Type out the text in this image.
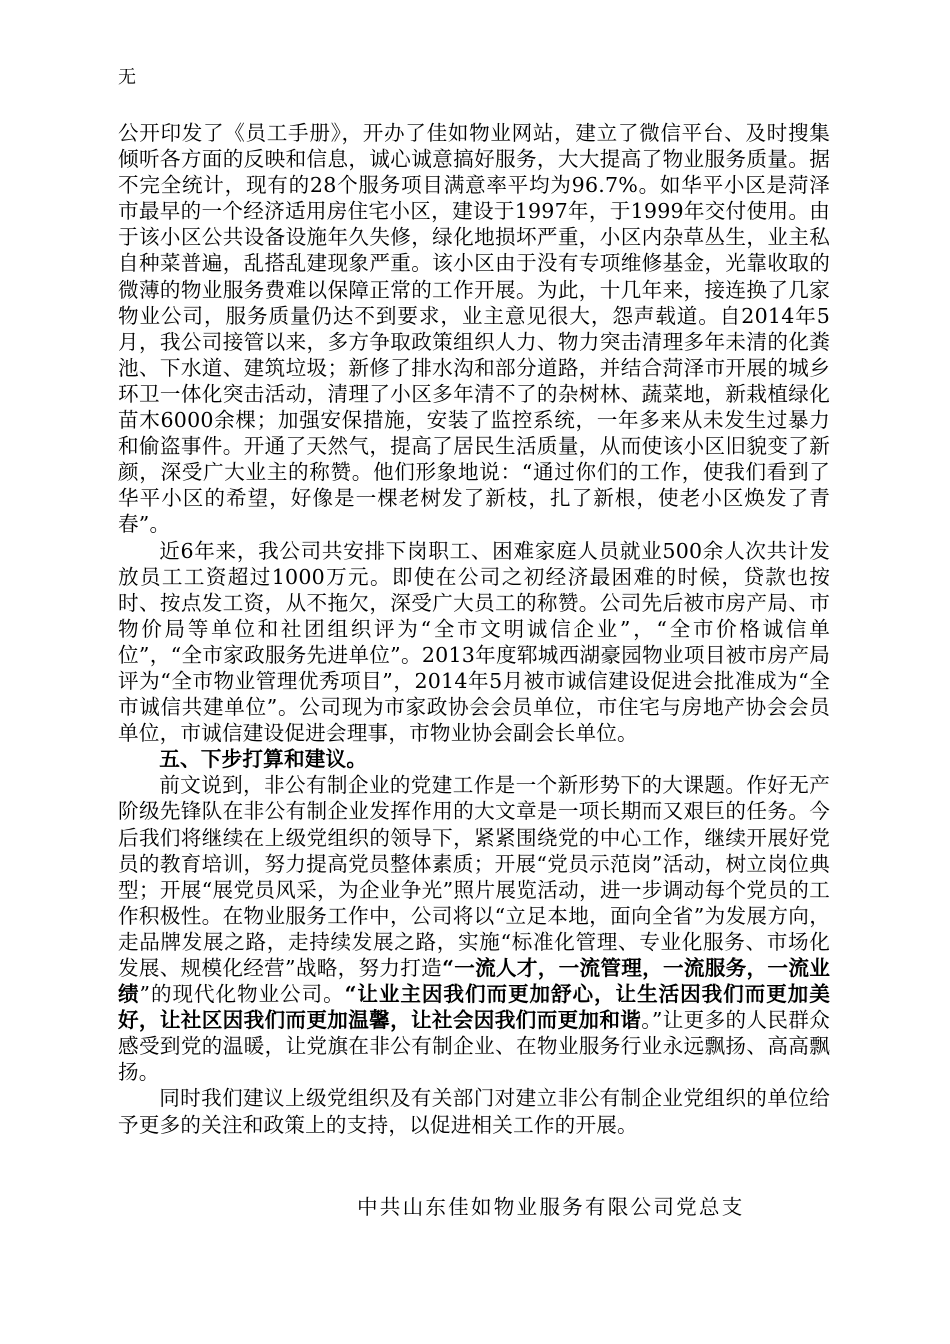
无

公开印发了《员工手册》，开办了佳如物业网站，建立了微信平台、及时搜集倾听各方面的反映和信息，诚心诚意搞好服务，大大提高了物业服务质量。据不完全统计，现有的28个服务项目满意率平均为96.7%。如华平小区是菏泽市最早的一个经济适用房住宅小区，建设于1997年，于1999年交付使用。由于该小区公共设备设施年久失修，绿化地损坏严重，小区内杂草丛生，业主私自种菜普遍，乱搭乱建现象严重。该小区由于没有专项维修基金，光靠收取的微薄的物业服务费难以保障正常的工作开展。为此，十几年来，接连换了几家物业公司，服务质量仍达不到要求，业主意见很大，怨声载道。自2014年5月，我公司接管以来，多方争取政策组织人力、物力突击清理多年未清的化粪池、下水道、建筑垃圾；新修了排水沟和部分道路，并结合菏泽市开展的城乡环卫一体化突击活动，清理了小区多年清不了的杂树林、蔬菜地，新栽植绿化苗木6000余棵；加强安保措施，安装了监控系统，一年多来从未发生过暴力和偷盗事件。开通了天然气，提高了居民生活质量，从而使该小区旧貌变了新颜，深受广大业主的称赞。他们形象地说：“通过你们的工作，使我们看到了华平小区的希望，好像是一棵老树发了新枝，扎了新根，使老小区焕发了青春”。

近6年来，我公司共安排下岗职工、困难家庭人员就业500余人次共计发放员工工资超过1000万元。即使在公司之初经济最困难的时候，贷款也按时、按点发工资，从不拖欠，深受广大员工的称赞。公司先后被市房产局、市物价局等单位和社团组织评为“全市文明诚信企业”，“全市价格诚信单位”，“全市家政服务先进单位”。2013年度郓城西湖豪园物业项目被市房产局评为“全市物业管理优秀项目”，2014年5月被市诚信建设促进会批准成为“全市诚信共建单位”。公司现为市家政协会会员单位，市住宅与房地产协会会员单位，市诚信建设促进会理事，市物业协会副会长单位。

五、下步打算和建议。

前文说到，非公有制企业的党建工作是一个新形势下的大课题。作好无产阶级先锋队在非公有制企业发挥作用的大文章是一项长期而又艰巨的任务。今后我们将继续在上级党组织的领导下，紧紧围绕党的中心工作，继续开展好党员的教育培训，努力提高党员整体素质；开展“党员示范岗”活动，树立岗位典型；开展“展党员风采，为企业争光”照片展览活动，进一步调动每个党员的工作积极性。在物业服务工作中，公司将以“立足本地，面向全省”为发展方向，走品牌发展之路，走持续发展之路，实施“标准化管理、专业化服务、市场化发展、规模化经营”战略，努力打造“一流人才，一流管理，一流服务，一流业绩”的现代化物业公司。“让业主因我们而更加舒心，让生活因我们而更加美好，让社区因我们而更加温馨，让社会因我们而更加和谐。”让更多的人民群众感受到党的温暖，让党旗在非公有制企业、在物业服务行业永远飘扬、高高飘扬。

同时我们建议上级党组织及有关部门对建立非公有制企业党组织的单位给予更多的关注和政策上的支持，以促进相关工作的开展。

中共山东佳如物业服务有限公司党总支
